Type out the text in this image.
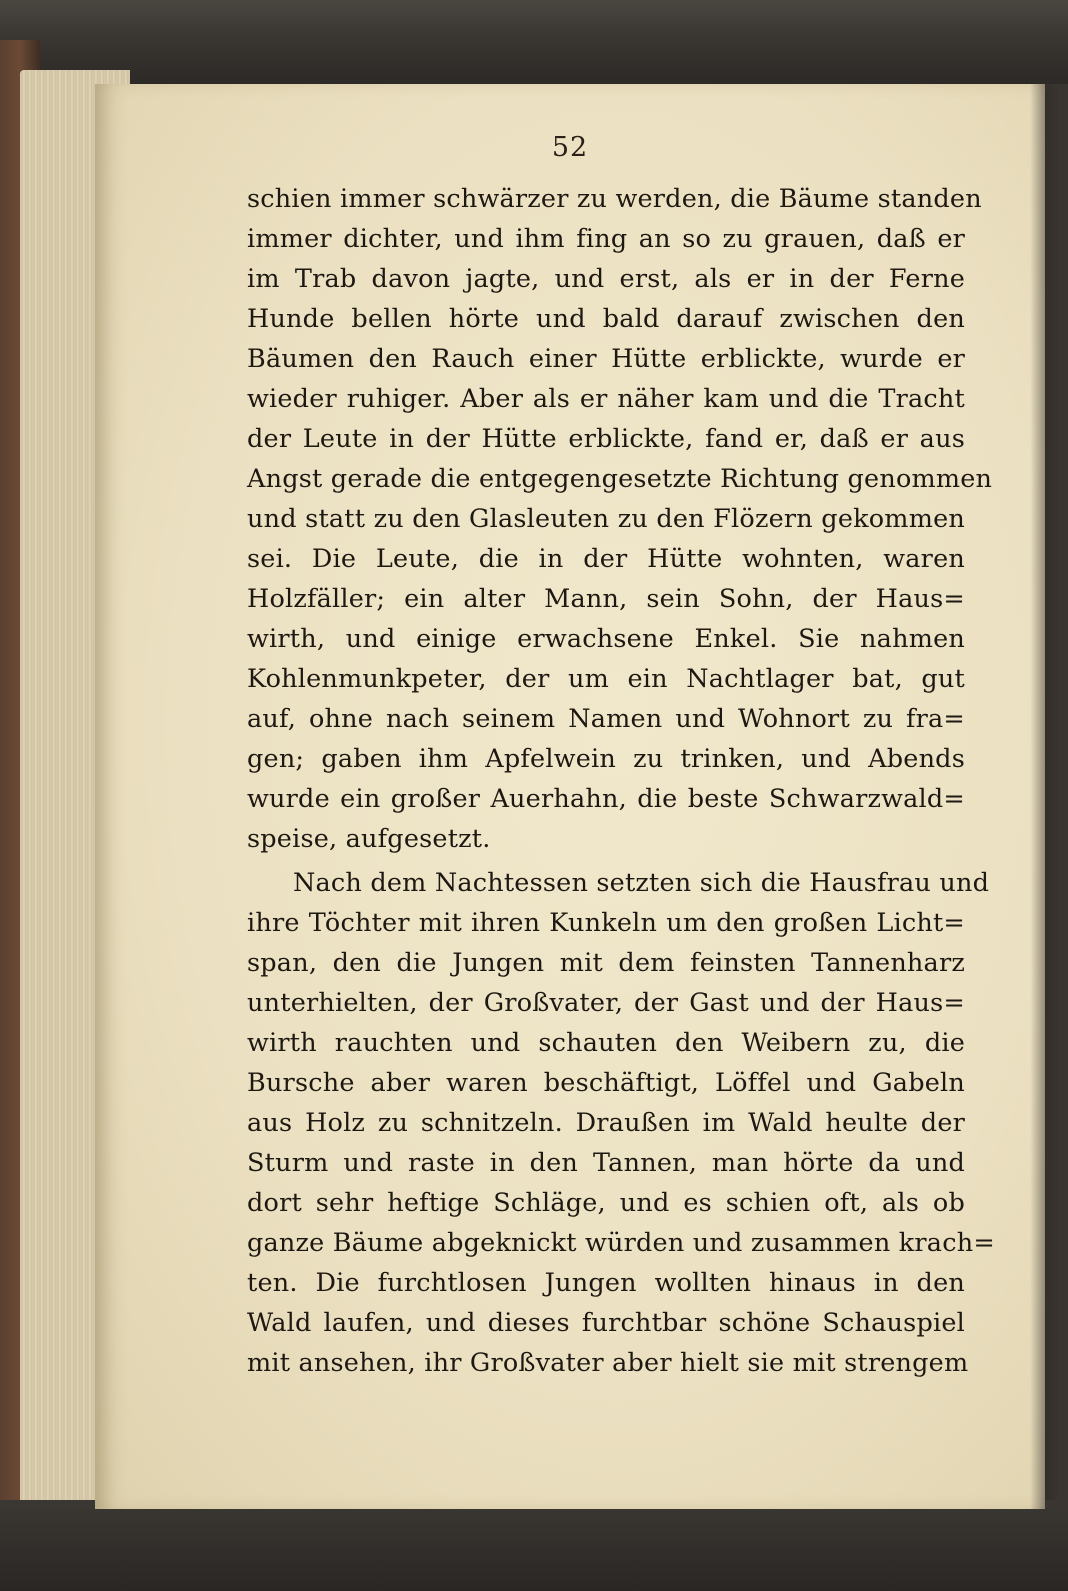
52
schien immer schwärzer zu werden, die Bäume standen
immer dichter, und ihm fing an so zu grauen, daß er
im Trab davon jagte, und erst, als er in der Ferne
Hunde bellen hörte und bald darauf zwischen den
Bäumen den Rauch einer Hütte erblickte, wurde er
wieder ruhiger. Aber als er näher kam und die Tracht
der Leute in der Hütte erblickte, fand er, daß er aus
Angst gerade die entgegengesetzte Richtung genommen
und statt zu den Glasleuten zu den Flözern gekommen
sei. Die Leute, die in der Hütte wohnten, waren
Holzfäller; ein alter Mann, sein Sohn, der Haus=
wirth, und einige erwachsene Enkel. Sie nahmen
Kohlenmunkpeter, der um ein Nachtlager bat, gut
auf, ohne nach seinem Namen und Wohnort zu fra=
gen; gaben ihm Apfelwein zu trinken, und Abends
wurde ein großer Auerhahn, die beste Schwarzwald=
speise, aufgesetzt.
Nach dem Nachtessen setzten sich die Hausfrau und
ihre Töchter mit ihren Kunkeln um den großen Licht=
span, den die Jungen mit dem feinsten Tannenharz
unterhielten, der Großvater, der Gast und der Haus=
wirth rauchten und schauten den Weibern zu, die
Bursche aber waren beschäftigt, Löffel und Gabeln
aus Holz zu schnitzeln. Draußen im Wald heulte der
Sturm und raste in den Tannen, man hörte da und
dort sehr heftige Schläge, und es schien oft, als ob
ganze Bäume abgeknickt würden und zusammen krach=
ten. Die furchtlosen Jungen wollten hinaus in den
Wald laufen, und dieses furchtbar schöne Schauspiel
mit ansehen, ihr Großvater aber hielt sie mit strengem
